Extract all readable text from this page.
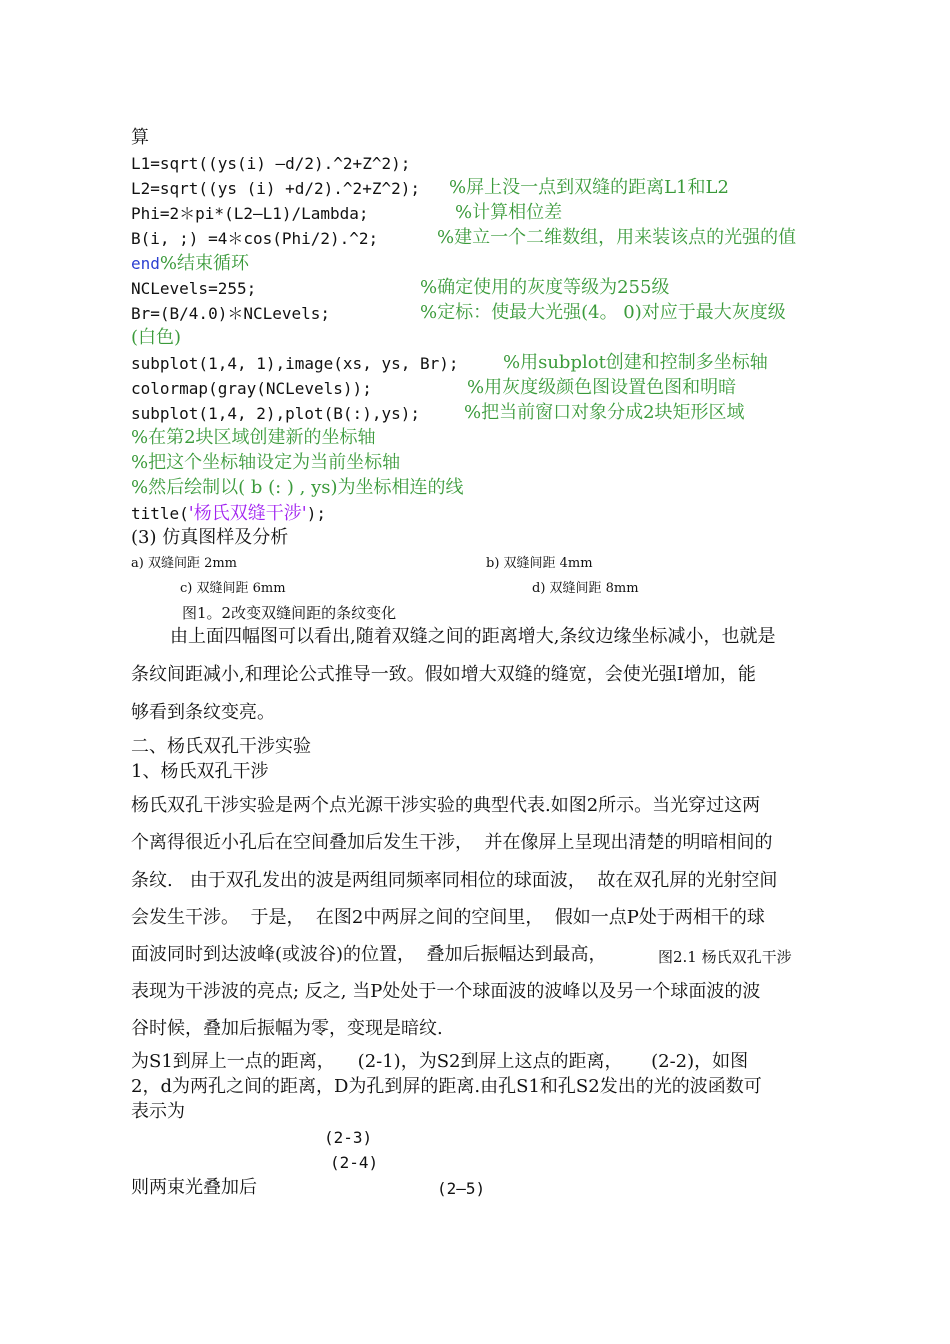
算
L1=sqrt((ys(i) —d/2).^2+Z^2);
L2=sqrt((ys (i) +d/2).^2+Z^2); %屏上没一点到双缝的距离L1和L2
Phi=2＊pi*(L2—L1)/Lambda;	%计算相位差
B(i, ;) =4＊cos(Phi/2).^2;	%建立一个二维数组，用来装该点的光强的值
end%结束循环
NCLevels=255;	%确定使用的灰度等级为255级
Br=(B/4.0)＊NCLevels;	%定标：使最大光强(4。 0)对应于最大灰度级
(白色)
subplot(1,4, 1),image(xs, ys, Br); %用subplot创建和控制多坐标轴
colormap(gray(NCLevels));	%用灰度级颜色图设置色图和明暗
subplot(1,4, 2),plot(B(:),ys); %把当前窗口对象分成2块矩形区域
%在第2块区域创建新的坐标轴
%把这个坐标轴设定为当前坐标轴
%然后绘制以( b (: ) , ys)为坐标相连的线
title('杨氏双缝干涉');
(3) 仿真图样及分析
a) 双缝间距 2mm	b) 双缝间距 4mm
c) 双缝间距 6mm	d) 双缝间距 8mm
图1。2改变双缝间距的条纹变化
由上面四幅图可以看出,随着双缝之间的距离增大,条纹边缘坐标减小，也就是
条纹间距减小,和理论公式推导一致。假如增大双缝的缝宽，会使光强I增加，能
够看到条纹变亮。
二、杨氏双孔干涉实验
1、杨氏双孔干涉
杨氏双孔干涉实验是两个点光源干涉实验的典型代表.如图2所示。当光穿过这两
个离得很近小孔后在空间叠加后发生干涉，  并在像屏上呈现出清楚的明暗相间的
条纹.   由于双孔发出的波是两组同频率同相位的球面波，  故在双孔屏的光射空间
会发生干涉。  于是，  在图2中两屏之间的空间里，  假如一点P处于两相干的球
面波同时到达波峰(或波谷)的位置，  叠加后振幅达到最高，	图2.1 杨氏双孔干涉
表现为干涉波的亮点; 反之, 当P处处于一个球面波的波峰以及另一个球面波的波
谷时候，叠加后振幅为零，变现是暗纹.
为S1到屏上一点的距离，    (2-1)，为S2到屏上这点的距离，     (2-2)，如图
2，d为两孔之间的距离，D为孔到屏的距离.由孔S1和孔S2发出的光的波函数可
表示为
(2-3)
(2-4)
则两束光叠加后	(2—5)
